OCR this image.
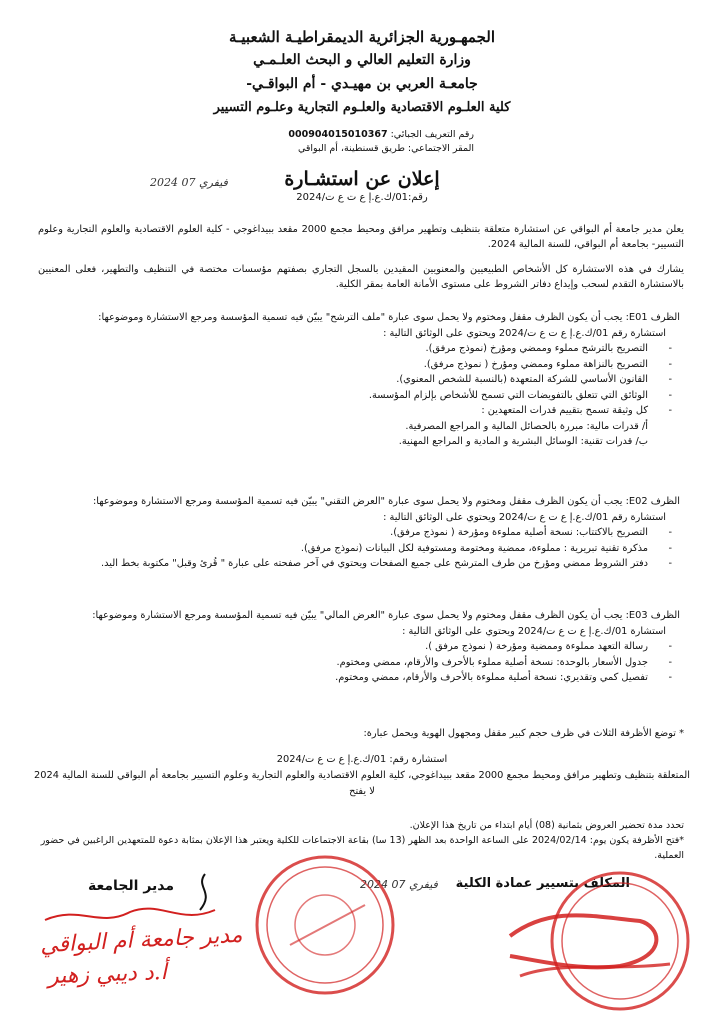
الجمهـورية الجزائرية الديمقراطيـة الشعبيـة
وزارة التعليم العالي و البحث العلـمـي
جامعـة العربي بن مهيـدي - أم البواقـي-
كلية العلـوم الاقتصادية والعلـوم التجارية وعلـوم التسيير
رقم التعريف الجبائي: 000904015010367
المقر الاجتماعي: طريق قسنطينة، أم البواقي
2024 فيفري 07	إعلان عن استشـارة
رقم:01/ك.ع.إ ع ت ع ت/2024
يعلن مدير جامعة أم البواقي عن استشارة متعلقة بتنظيف وتطهير مرافق ومحيط مجمع 2000 مقعد ببيداغوجي - كلية العلوم الاقتصادية والعلوم التجارية وعلوم التسيير- بجامعة أم البواقي، للسنة المالية 2024.
يشارك في هذه الاستشارة كل الأشخاص الطبيعيين والمعنويين المقيدين بالسجل التجاري بصفتهم مؤسسات مختصة في التنظيف والتطهير، فعلى المعنيين بالاستشارة التقدم لسحب وإيداع دفاتر الشروط على مستوى الأمانة العامة بمقر الكلية.
الظرف E01: يجب أن يكون الظرف مقفل ومختوم ولا يحمل سوى عبارة "ملف الترشح" يبيّن فيه تسمية المؤسسة ومرجع الاستشارة وموضوعها:
استشارة رقم 01/ك.ع.إ ع ت ع ت/2024 ويحتوي على الوثائق التالية :
- التصريح بالترشح مملوء وممضي ومؤرخ (نموذج مرفق).
- التصريح بالنزاهة مملوء وممضي ومؤرخ ( نموذج مرفق).
- القانون الأساسي للشركة المتعهدة (بالنسبة للشخص المعنوي).
- الوثائق التي تتعلق بالتفويضات التي تسمح للأشخاص بإلزام المؤسسة.
- كل وثيقة تسمح بتقييم قدرات المتعهدين :
أ/ قدرات مالية: مبررة بالحصائل المالية و المراجع المصرفية.
ب/ قدرات تقنية: الوسائل البشرية و المادية و المراجع المهنية.
الظرف E02: يجب أن يكون الظرف مقفل ومختوم ولا يحمل سوى عبارة "العرض التقني" يبيّن فيه تسمية المؤسسة ومرجع الاستشارة وموضوعها:
استشارة رقم 01/ك.ع.إ ع ت ع ت/2024 ويحتوي على الوثائق التالية :
- التصريح بالاكتتاب: نسخة أصلية مملوءة ومؤرخة ( نموذج مرفق).
- مذكرة تقنية تبريرية : مملوءة، ممضية ومختومة ومستوفية لكل البيانات (نموذج مرفق).
- دفتر الشروط ممضي ومؤرخ من طرف المترشح على جميع الصفحات ويحتوي في آخر صفحته على عبارة " قُرئ وقبل" مكتوبة بخط اليد.
الظرف E03: يجب أن يكون الظرف مقفل ومختوم ولا يحمل سوى عبارة "العرض المالي" يبيّن فيه تسمية المؤسسة ومرجع الاستشارة وموضوعها:
استشارة 01/ك.ع.إ ع ت ع ت/2024 ويحتوي على الوثائق التالية :
- رسالة التعهد مملوءة وممضية ومؤرخة ( نموذج مرفق ).
- جدول الأسعار بالوحدة: نسخة أصلية مملوء بالأحرف والأرقام، ممضي ومختوم.
- تفصيل كمي وتقديري: نسخة أصلية مملوءة بالأحرف والأرقام، ممضي ومختوم.
* توضع الأظرفة الثلاث في ظرف حجم كبير مقفل ومجهول الهوية ويحمل عبارة:
استشارة رقم: 01/ك.ع.إ ع ت ع ت/2024
المتعلقة بتنظيف وتطهير مرافق ومحيط مجمع 2000 مقعد ببيداغوجي، كلية العلوم الاقتصادية والعلوم التجارية وعلوم التسيير بجامعة أم البواقي للسنة المالية 2024
لا يفتح
تحدد مدة تحضير العروض بثمانية (08) أيام ابتداء من تاريخ هذا الإعلان.
*فتح الأظرفة يكون يوم: 2024/02/14 على الساعة الواحدة بعد الظهر (13 سا) بقاعة الاجتماعات للكلية ويعتبر هذا الإعلان بمثابة دعوة للمتعهدين الراغبين في حضور العملية.
المكلف بتسيير عمادة الكلية
2024 فيفري 07
مدير الجامعة
مدير جامعة أم البواقي
أ.د ديبي زهير
